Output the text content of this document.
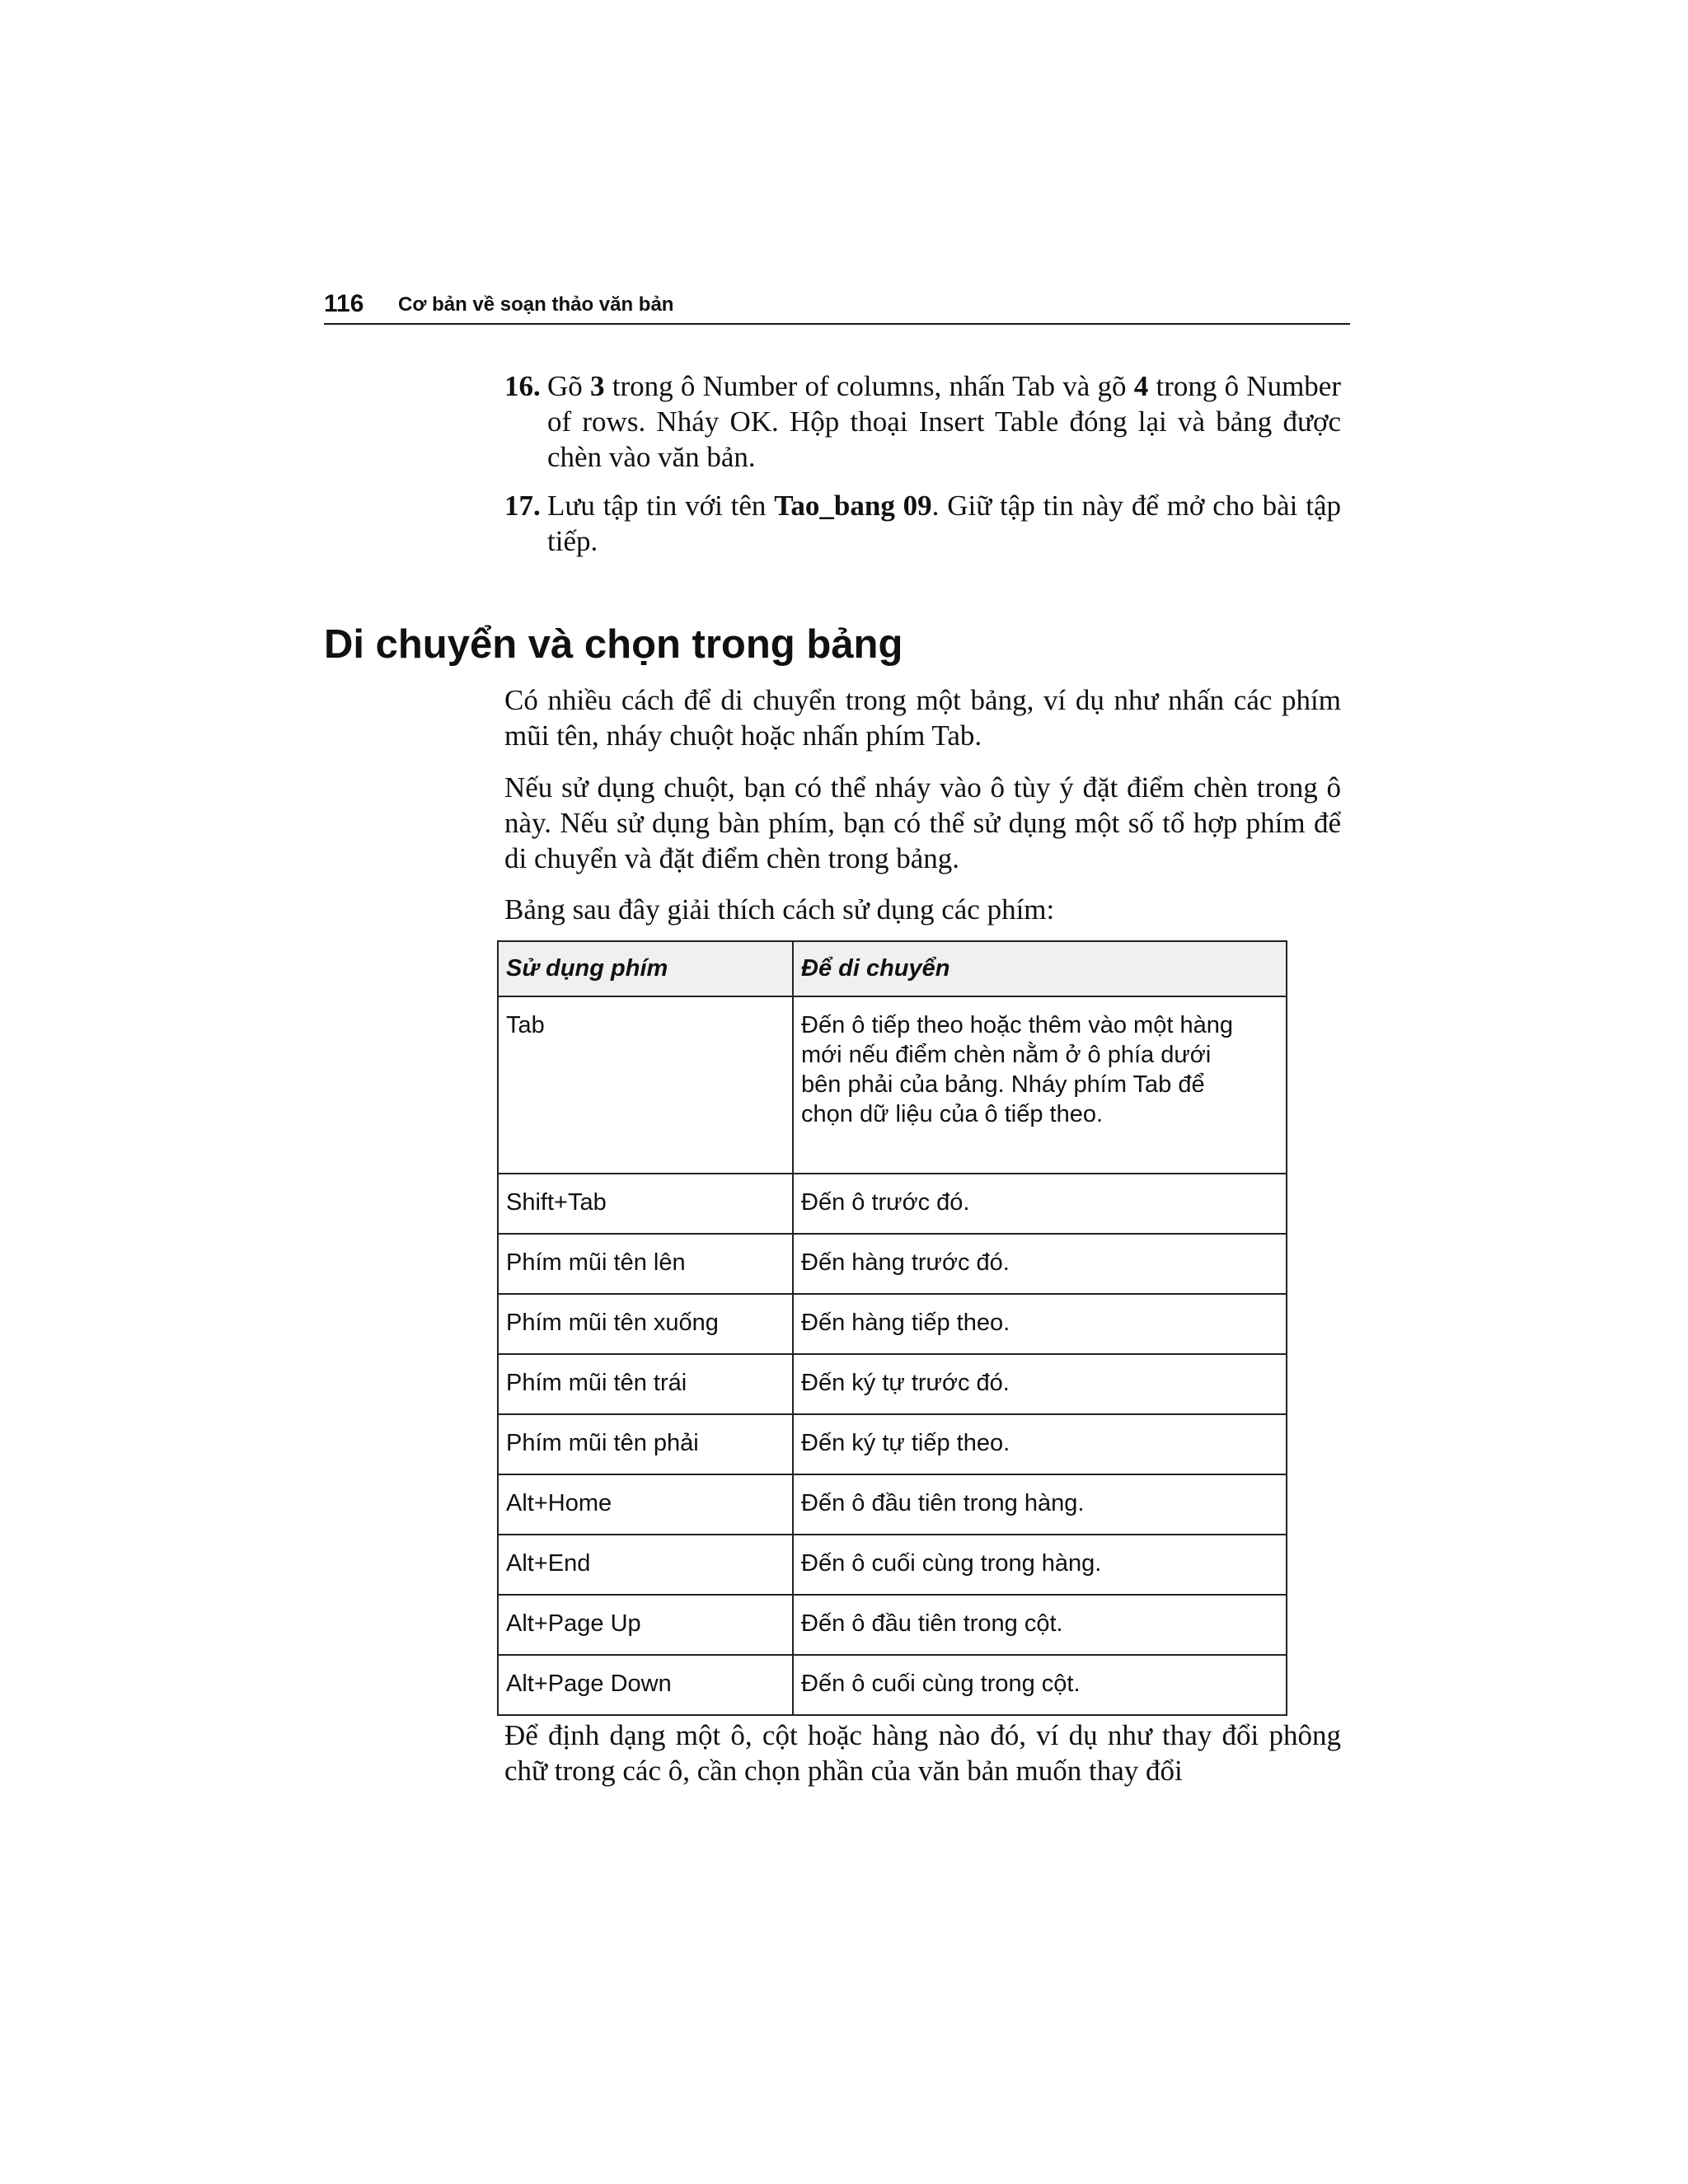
116 Cơ bản về soạn thảo văn bản
16. Gõ 3 trong ô Number of columns, nhấn Tab và gõ 4 trong ô Number of rows. Nháy OK. Hộp thoại Insert Table đóng lại và bảng được chèn vào văn bản.
17. Lưu tập tin với tên Tao_bang 09. Giữ tập tin này để mở cho bài tập tiếp.
Di chuyển và chọn trong bảng

Có nhiều cách để di chuyển trong một bảng, ví dụ như nhấn các phím mũi tên, nháy chuột hoặc nhấn phím Tab.

Nếu sử dụng chuột, bạn có thể nháy vào ô tùy ý đặt điểm chèn trong ô này. Nếu sử dụng bàn phím, bạn có thể sử dụng một số tổ hợp phím để di chuyển và đặt điểm chèn trong bảng.

Bảng sau đây giải thích cách sử dụng các phím:

Sử dụng phím	Để di chuyển
Tab	Đến ô tiếp theo hoặc thêm vào một hàng mới nếu điểm chèn nằm ở ô phía dưới bên phải của bảng. Nháy phím Tab để chọn dữ liệu của ô tiếp theo.
Shift+Tab	Đến ô trước đó.
Phím mũi tên lên	Đến hàng trước đó.
Phím mũi tên xuống	Đến hàng tiếp theo.
Phím mũi tên trái	Đến ký tự trước đó.
Phím mũi tên phải	Đến ký tự tiếp theo.
Alt+Home	Đến ô đầu tiên trong hàng.
Alt+End	Đến ô cuối cùng trong hàng.
Alt+Page Up	Đến ô đầu tiên trong cột.
Alt+Page Down	Đến ô cuối cùng trong cột.

Để định dạng một ô, cột hoặc hàng nào đó, ví dụ như thay đổi phông chữ trong các ô, cần chọn phần của văn bản muốn thay đổi
